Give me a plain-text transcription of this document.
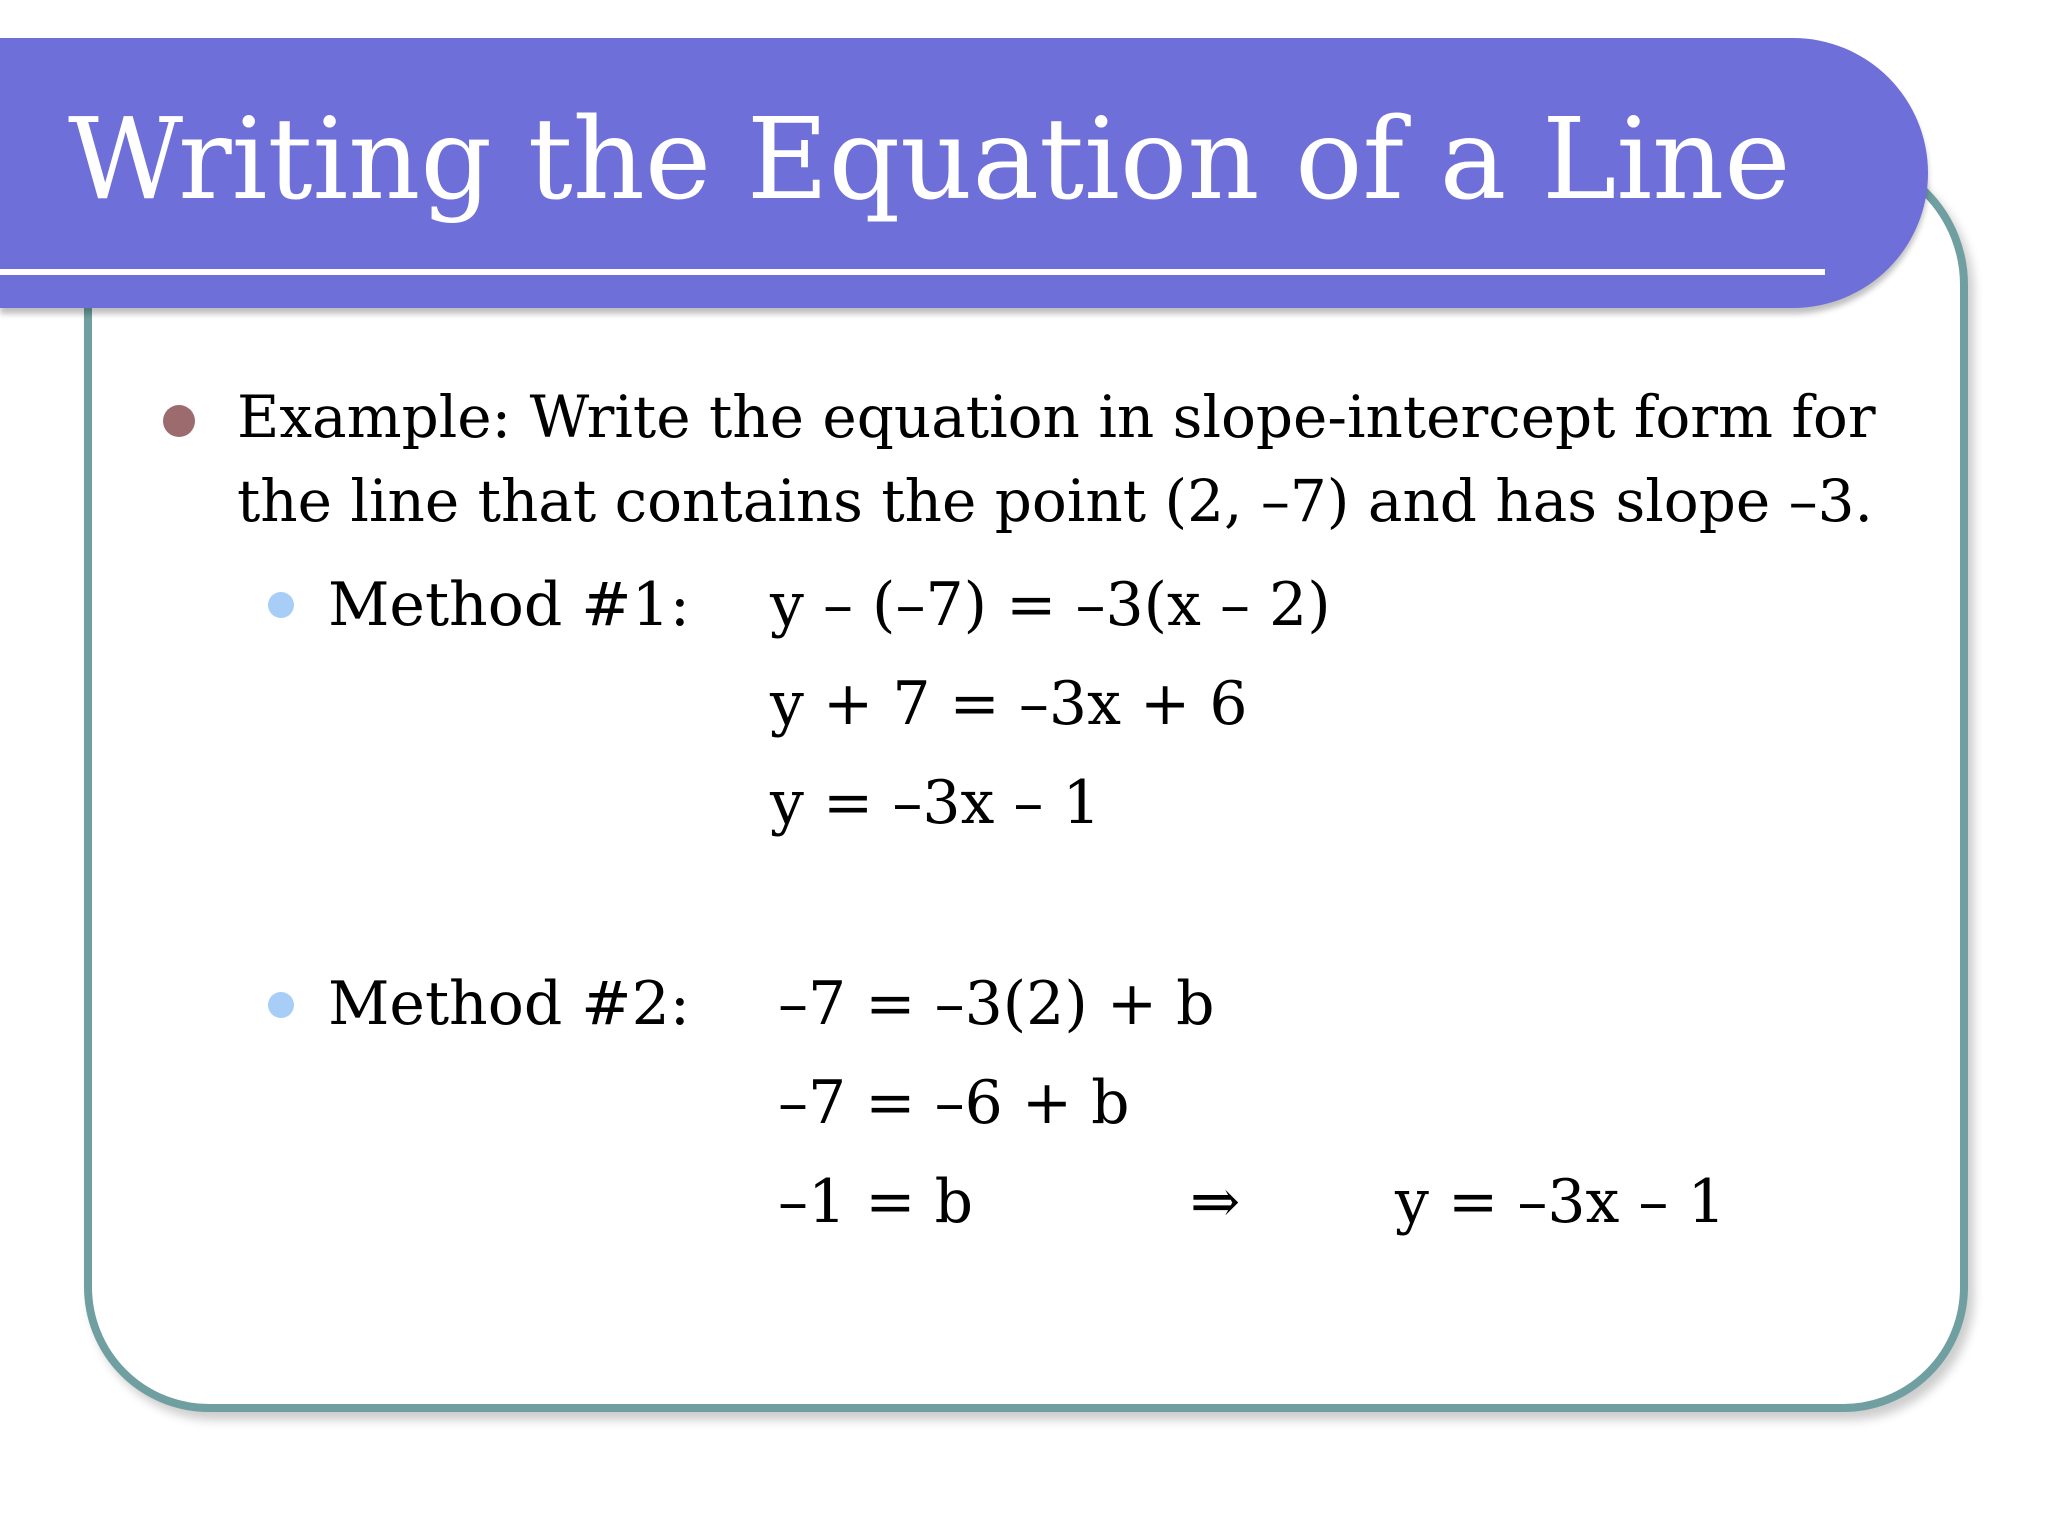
Writing the Equation of a Line
Example: Write the equation in slope-intercept form for
the line that contains the point (2, –7) and has slope –3.
Method #1: y – (–7) = –3(x – 2)
y + 7 = –3x + 6
y = –3x – 1
Method #2: –7 = –3(2) + b
–7 = –6 + b
–1 = b	⇒	y = –3x – 1
